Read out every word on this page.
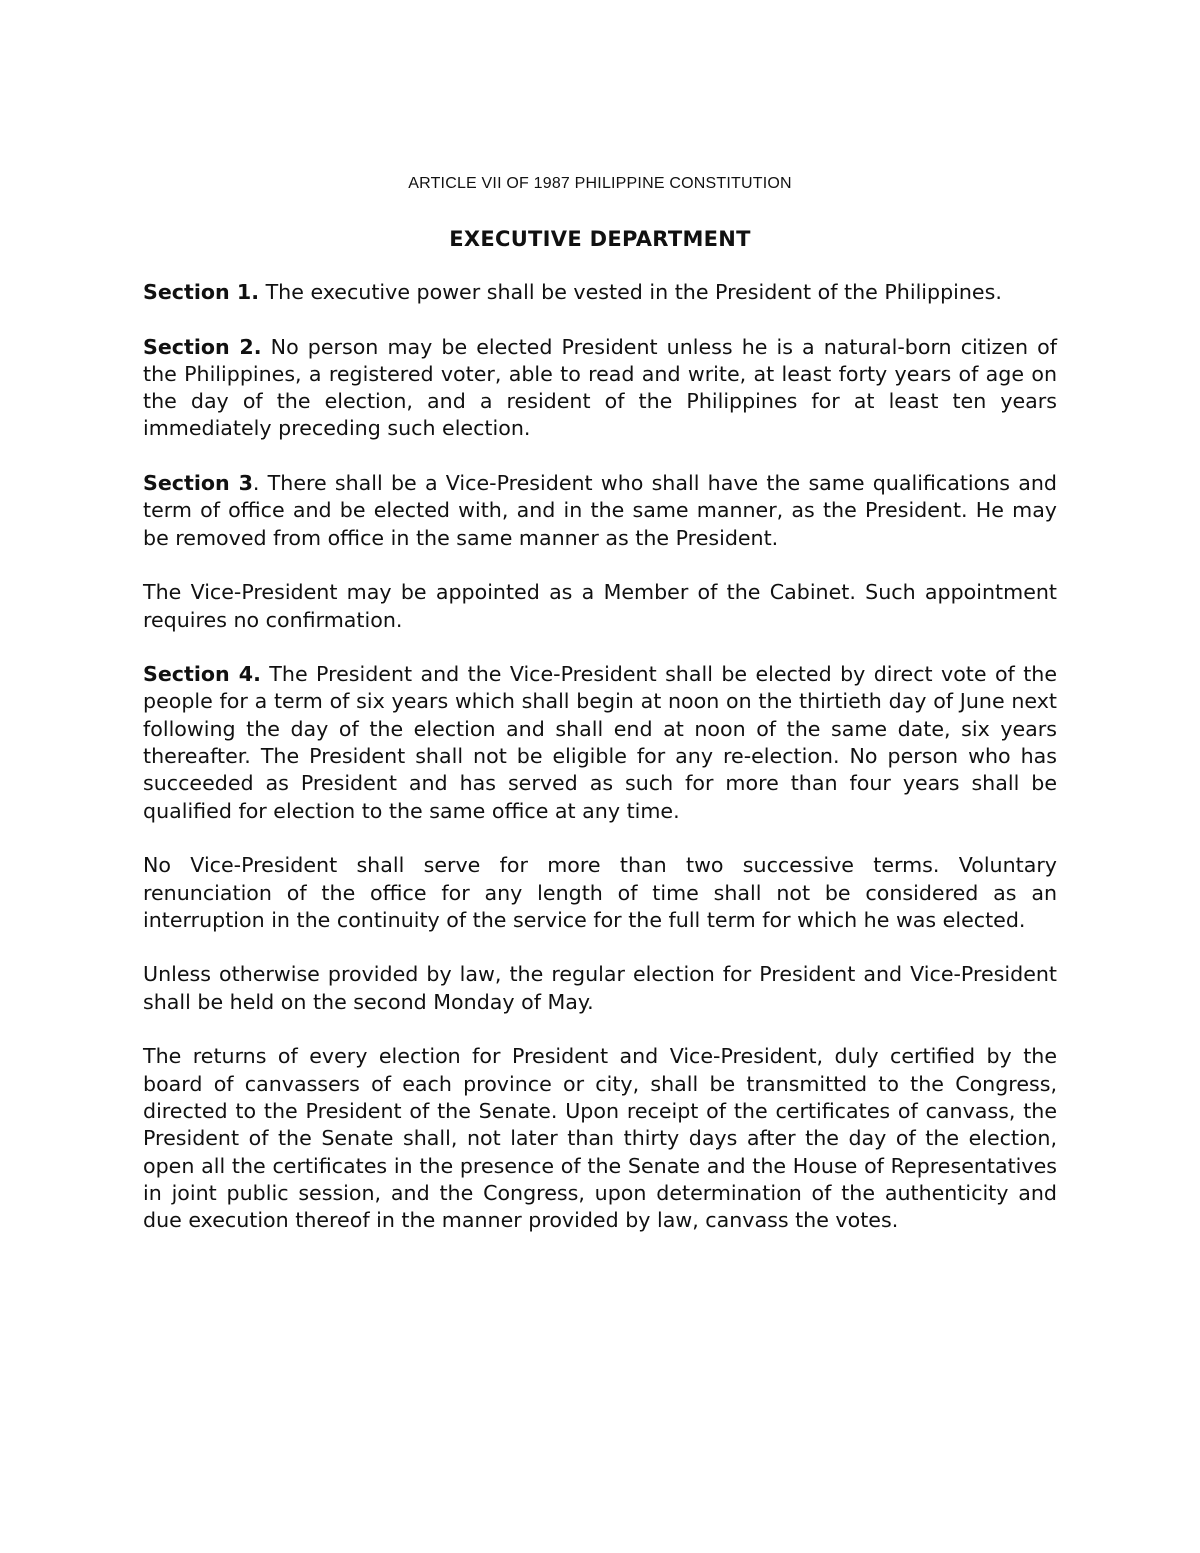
ARTICLE VII OF 1987 PHILIPPINE CONSTITUTION
EXECUTIVE DEPARTMENT

Section 1. The executive power shall be vested in the President of the Philippines.

Section 2. No person may be elected President unless he is a natural-born citizen of the Philippines, a registered voter, able to read and write, at least forty years of age on the day of the election, and a resident of the Philippines for at least ten years immediately preceding such election.

Section 3. There shall be a Vice-President who shall have the same qualifications and term of office and be elected with, and in the same manner, as the President. He may be removed from office in the same manner as the President.

The Vice-President may be appointed as a Member of the Cabinet. Such appointment requires no confirmation.

Section 4. The President and the Vice-President shall be elected by direct vote of the people for a term of six years which shall begin at noon on the thirtieth day of June next following the day of the election and shall end at noon of the same date, six years thereafter. The President shall not be eligible for any re-election. No person who has succeeded as President and has served as such for more than four years shall be qualified for election to the same office at any time.

No Vice-President shall serve for more than two successive terms. Voluntary renunciation of the office for any length of time shall not be considered as an interruption in the continuity of the service for the full term for which he was elected.

Unless otherwise provided by law, the regular election for President and Vice-President shall be held on the second Monday of May.

The returns of every election for President and Vice-President, duly certified by the board of canvassers of each province or city, shall be transmitted to the Congress, directed to the President of the Senate. Upon receipt of the certificates of canvass, the President of the Senate shall, not later than thirty days after the day of the election, open all the certificates in the presence of the Senate and the House of Representatives in joint public session, and the Congress, upon determination of the authenticity and due execution thereof in the manner provided by law, canvass the votes.
